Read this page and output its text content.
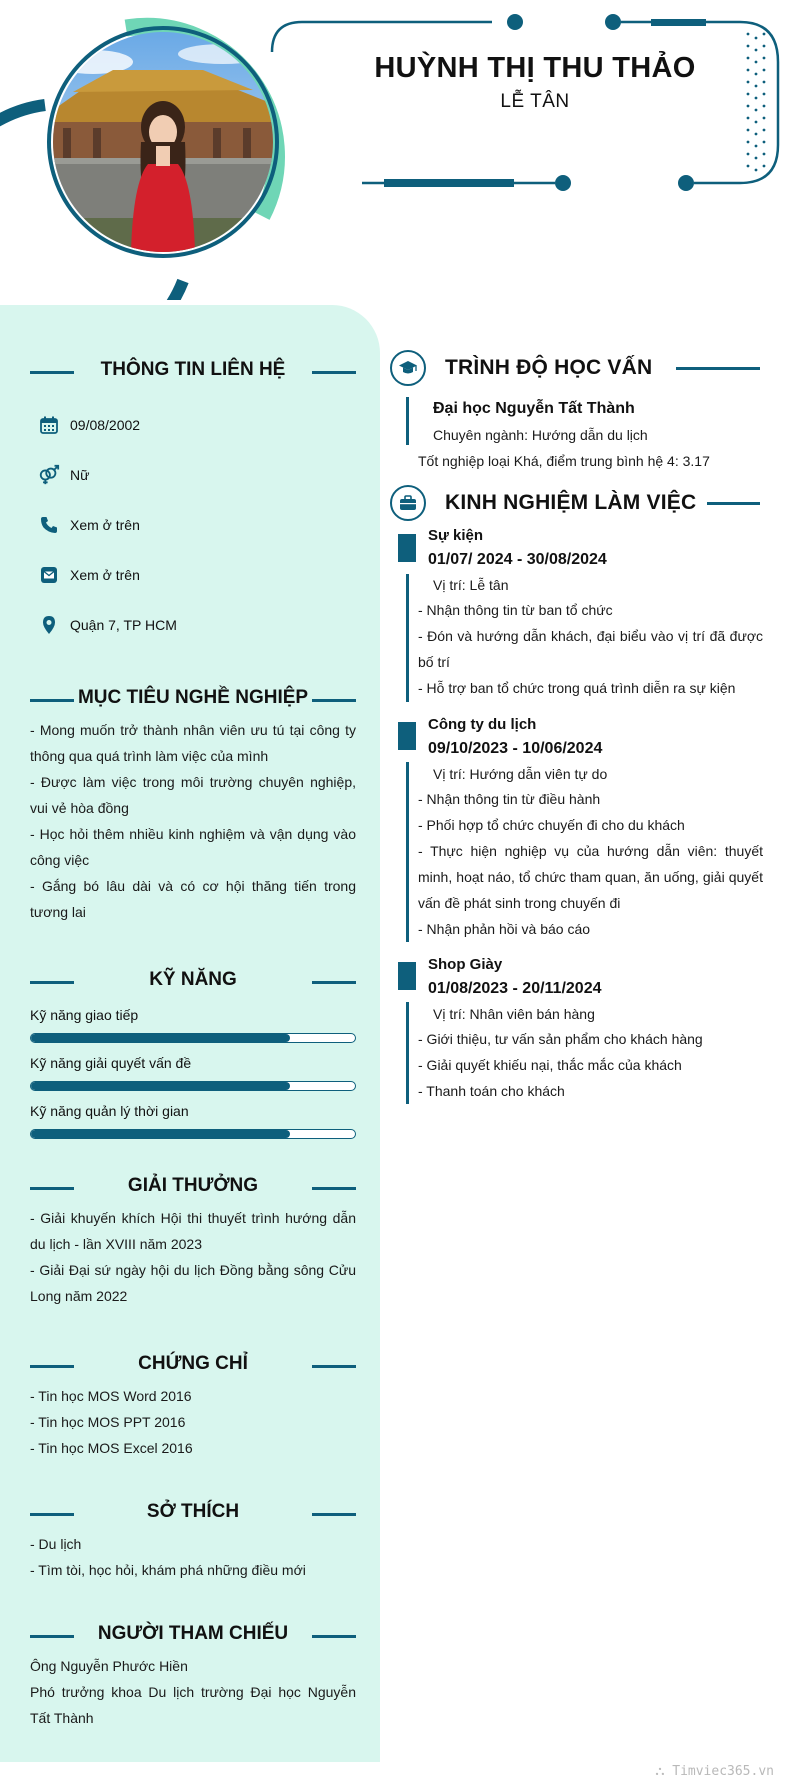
HUỲNH THỊ THU THẢO
LỄ TÂN
THÔNG TIN LIÊN HỆ
09/08/2002
Nữ
Xem ở trên
Xem ở trên
Quận 7, TP HCM
MỤC TIÊU NGHỀ NGHIỆP

- Mong muốn trở thành nhân viên ưu tú tại công ty thông qua quá trình làm việc của mình

- Được làm việc trong môi trường chuyên nghiệp, vui vẻ hòa đồng

- Học hỏi thêm nhiều kinh nghiệm và vận dụng vào công việc

- Gắng bó lâu dài và có cơ hội thăng tiến trong tương lai

KỸ NĂNG
Kỹ năng giao tiếp
Kỹ năng giải quyết vấn đề
Kỹ năng quản lý thời gian
GIẢI THƯỞNG

- Giải khuyến khích Hội thi thuyết trình hướng dẫn du lịch - lần XVIII năm 2023

- Giải Đại sứ ngày hội du lịch Đồng bằng sông Cửu Long năm 2022

CHỨNG CHỈ

- Tin học MOS Word 2016

- Tin học MOS PPT 2016

- Tin học MOS Excel 2016

SỞ THÍCH

- Du lịch

- Tìm tòi, học hỏi, khám phá những điều mới

NGƯỜI THAM CHIẾU

Ông Nguyễn Phước Hiền

Phó trưởng khoa Du lịch trường Đại học Nguyễn Tất Thành

TRÌNH ĐỘ HỌC VẤN
Đại học Nguyễn Tất Thành
Chuyên ngành: Hướng dẫn du lịch
Tốt nghiệp loại Khá, điểm trung bình hệ 4: 3.17
KINH NGHIỆM LÀM VIỆC
Sự kiện
01/07/ 2024 - 30/08/2024
Vị trí: Lễ tân

- Nhận thông tin từ ban tổ chức

- Đón và hướng dẫn khách, đại biểu vào vị trí đã được bố trí

- Hỗ trợ ban tổ chức trong quá trình diễn ra sự kiện

Công ty du lịch
09/10/2023 - 10/06/2024
Vị trí: Hướng dẫn viên tự do

- Nhận thông tin từ điều hành

- Phối hợp tổ chức chuyến đi cho du khách

- Thực hiện nghiệp vụ của hướng dẫn viên: thuyết minh, hoạt náo, tổ chức tham quan, ăn uống, giải quyết vấn đề phát sinh trong chuyến đi

- Nhận phản hồi và báo cáo

Shop Giày
01/08/2023 - 20/11/2024
Vị trí: Nhân viên bán hàng

- Giới thiệu, tư vấn sản phẩm cho khách hàng

- Giải quyết khiếu nại, thắc mắc của khách

- Thanh toán cho khách

⛬ Timviec365.vn
